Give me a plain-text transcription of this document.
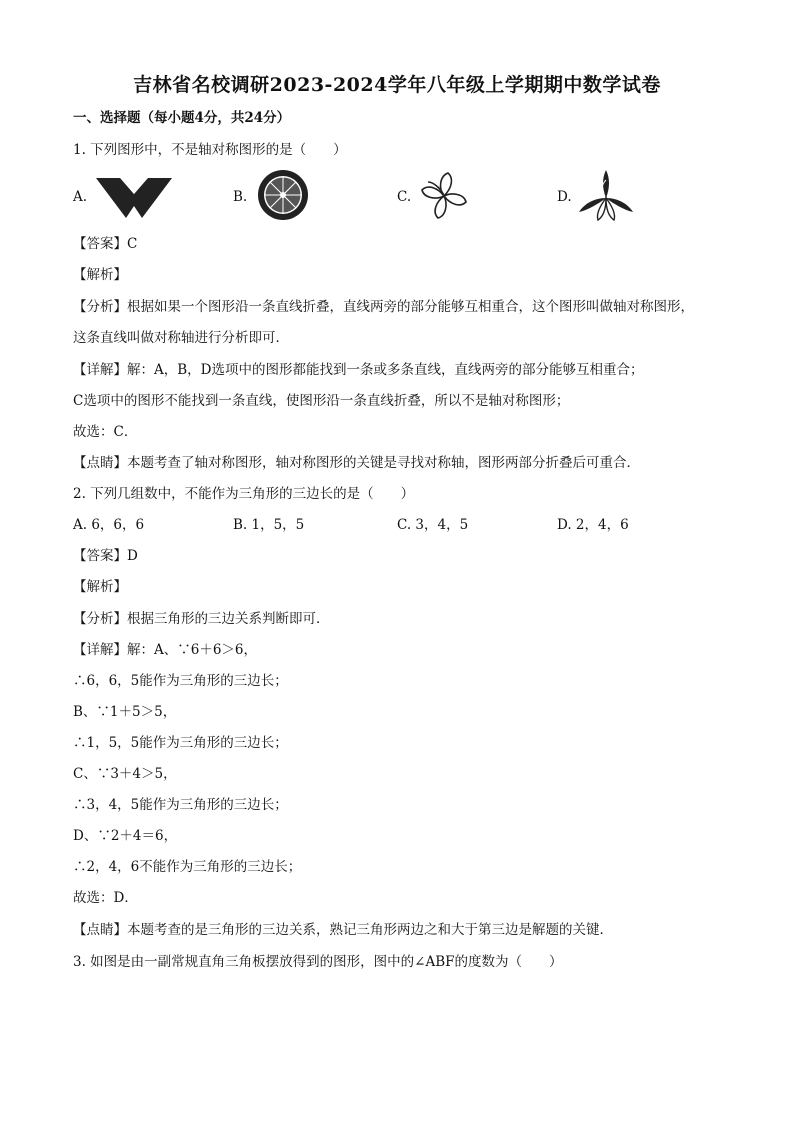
吉林省名校调研2023-2024学年八年级上学期期中数学试卷
一、选择题（每小题4分，共24分）
1. 下列图形中，不是轴对称图形的是（　　）
A.	B.	C.	D.
【答案】C
【解析】
【分析】根据如果一个图形沿一条直线折叠，直线两旁的部分能够互相重合，这个图形叫做轴对称图形，
这条直线叫做对称轴进行分析即可．
【详解】解：A，B，D选项中的图形都能找到一条或多条直线，直线两旁的部分能够互相重合；
C选项中的图形不能找到一条直线，使图形沿一条直线折叠，所以不是轴对称图形；
故选：C．
【点睛】本题考查了轴对称图形，轴对称图形的关键是寻找对称轴，图形两部分折叠后可重合．
2. 下列几组数中，不能作为三角形的三边长的是（　　）
A. 6，6，6	B. 1，5，5	C. 3，4，5	D. 2，4，6
【答案】D
【解析】
【分析】根据三角形的三边关系判断即可．
【详解】解：A、∵6＋6＞6，
∴6，6，5能作为三角形的三边长；
B、∵1＋5＞5，
∴1，5，5能作为三角形的三边长；
C、∵3＋4＞5，
∴3，4，5能作为三角形的三边长；
D、∵2＋4＝6，
∴2，4，6不能作为三角形的三边长；
故选：D．
【点睛】本题考查的是三角形的三边关系，熟记三角形两边之和大于第三边是解题的关键．
3. 如图是由一副常规直角三角板摆放得到的图形，图中的∠ABF的度数为（　　）
